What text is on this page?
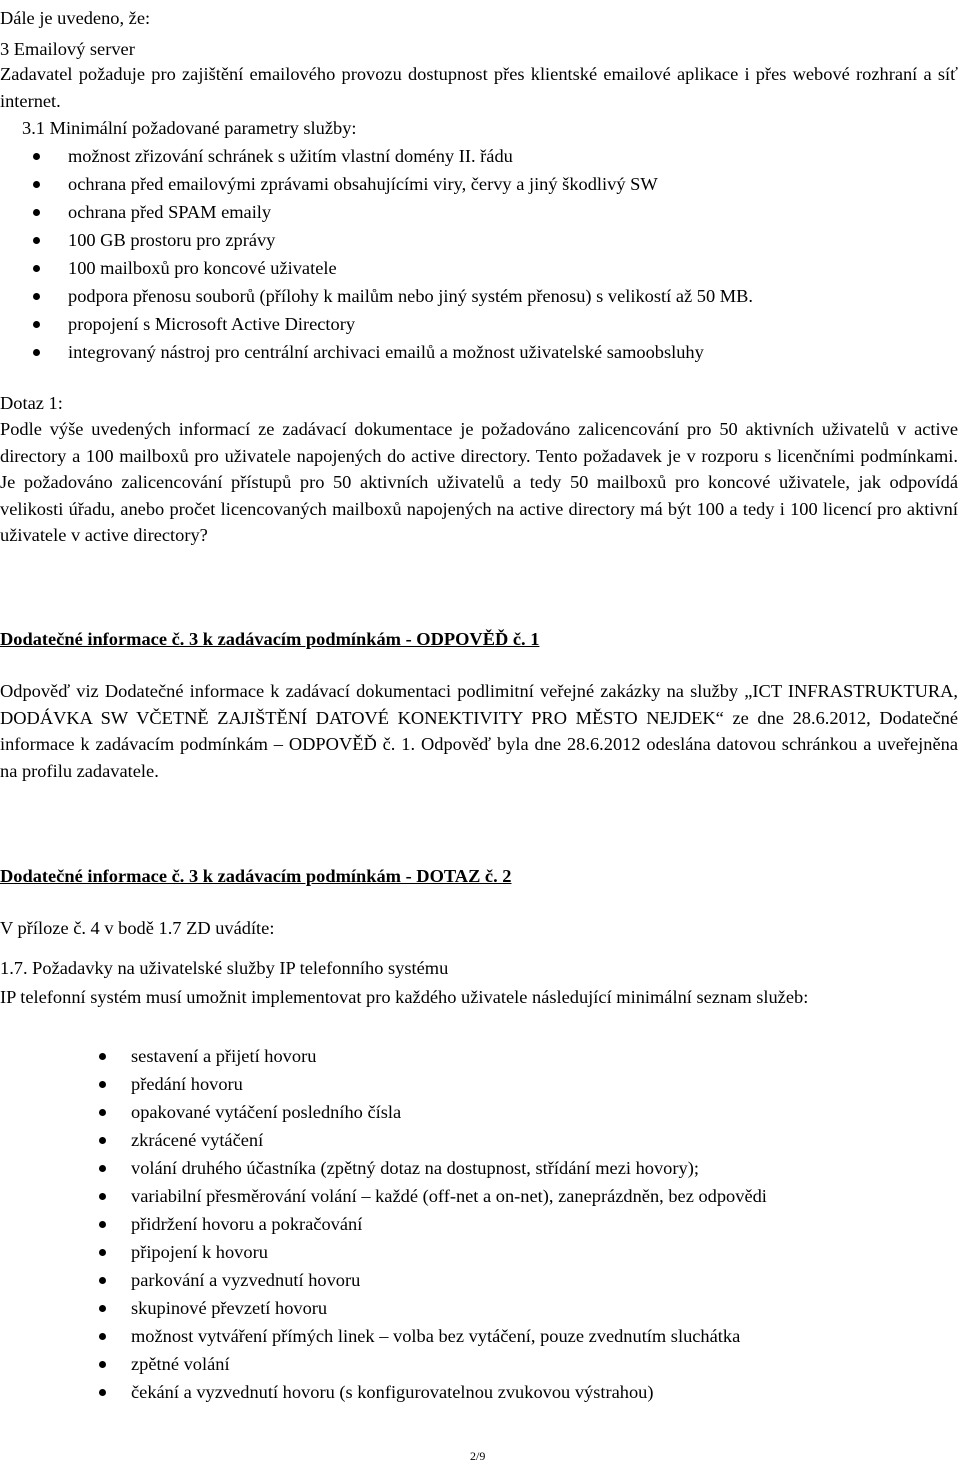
Dále je uvedeno, že:

3 Emailový server

Zadavatel požaduje pro zajištění emailového provozu dostupnost přes klientské emailové aplikace i přes webové rozhraní a síť internet.

3.1 Minimální požadované parametry služby:

možnost zřizování schránek s užitím vlastní domény II. řádu

ochrana před emailovými zprávami obsahujícími viry, červy a jiný škodlivý SW

ochrana před SPAM emaily

100 GB prostoru pro zprávy

100 mailboxů pro koncové uživatele

podpora přenosu souborů (přílohy k mailům nebo jiný systém přenosu) s velikostí až 50 MB.

propojení s Microsoft Active Directory

integrovaný nástroj pro centrální archivaci emailů a možnost uživatelské samoobsluhy

Dotaz 1:

Podle výše uvedených informací ze zadávací dokumentace je požadováno zalicencování pro 50 aktivních uživatelů v active directory a 100 mailboxů pro uživatele napojených do active directory. Tento požadavek je v rozporu s licenčními podmínkami. Je požadováno zalicencování přístupů pro 50 aktivních uživatelů a tedy 50 mailboxů pro koncové uživatele, jak odpovídá velikosti úřadu, anebo pročet licencovaných mailboxů napojených na active directory má být 100 a tedy i 100 licencí pro aktivní uživatele v active directory?

Dodatečné informace č. 3 k zadávacím podmínkám - ODPOVĚĎ č. 1

Odpověď viz Dodatečné informace k zadávací dokumentaci podlimitní veřejné zakázky na služby „ICT INFRASTRUKTURA, DODÁVKA SW VČETNĚ ZAJIŠTĚNÍ DATOVÉ KONEKTIVITY PRO MĚSTO NEJDEK“ ze dne 28.6.2012, Dodatečné informace k zadávacím podmínkám – ODPOVĚĎ č. 1. Odpověď byla dne 28.6.2012 odeslána datovou schránkou a uveřejněna na profilu zadavatele.

Dodatečné informace č. 3 k zadávacím podmínkám - DOTAZ č. 2

V příloze č. 4 v bodě 1.7 ZD uvádíte:

1.7. Požadavky na uživatelské služby IP telefonního systému

IP telefonní systém musí umožnit implementovat pro každého uživatele následující minimální seznam služeb:

sestavení a přijetí hovoru

předání hovoru

opakované vytáčení posledního čísla

zkrácené vytáčení

volání druhého účastníka (zpětný dotaz na dostupnost, střídání mezi hovory);

variabilní přesměrování volání – každé (off-net a on-net), zaneprázdněn, bez odpovědi

přidržení hovoru a pokračování

připojení k hovoru

parkování a vyzvednutí hovoru

skupinové převzetí hovoru

možnost vytváření přímých linek – volba bez vytáčení, pouze zvednutím sluchátka

zpětné volání

čekání a vyzvednutí hovoru (s konfigurovatelnou zvukovou výstrahou)

2/9
